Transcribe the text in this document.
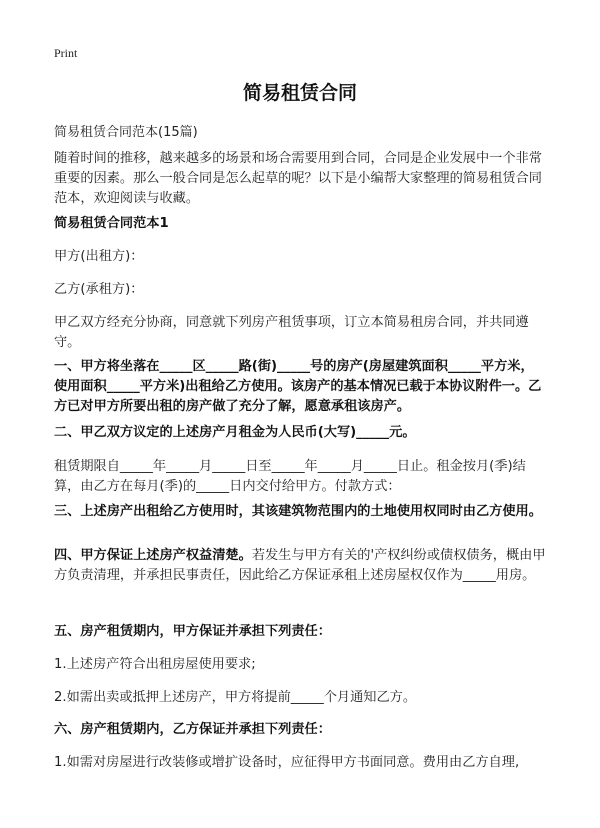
Print
简易租赁合同
简易租赁合同范本(15篇)

随着时间的推移，越来越多的场景和场合需要用到合同，合同是企业发展中一个非常重要的因素。那么一般合同是怎么起草的呢？以下是小编帮大家整理的简易租赁合同范本，欢迎阅读与收藏。

简易租赁合同范本1

甲方(出租方)：

乙方(承租方)：

甲乙双方经充分协商，同意就下列房产租赁事项，订立本简易租房合同，并共同遵守。

一、甲方将坐落在_____区_____路(街)_____号的房产(房屋建筑面积_____平方米，使用面积_____平方米)出租给乙方使用。该房产的基本情况已载于本协议附件一。乙方已对甲方所要出租的房产做了充分了解，愿意承租该房产。

二、甲乙双方议定的上述房产月租金为人民币(大写)_____元。

租赁期限自_____年_____月_____日至_____年_____月_____日止。租金按月(季)结算，由乙方在每月(季)的_____日内交付给甲方。付款方式：

三、上述房产出租给乙方使用时，其该建筑物范围内的土地使用权同时由乙方使用。

四、甲方保证上述房产权益清楚。若发生与甲方有关的'产权纠纷或债权债务，概由甲方负责清理，并承担民事责任，因此给乙方保证承租上述房屋权仅作为_____用房。

五、房产租赁期内，甲方保证并承担下列责任：

1.上述房产符合出租房屋使用要求;

2.如需出卖或抵押上述房产，甲方将提前_____个月通知乙方。

六、房产租赁期内，乙方保证并承担下列责任：

1.如需对房屋进行改装修或增扩设备时，应征得甲方书面同意。费用由乙方自理,
